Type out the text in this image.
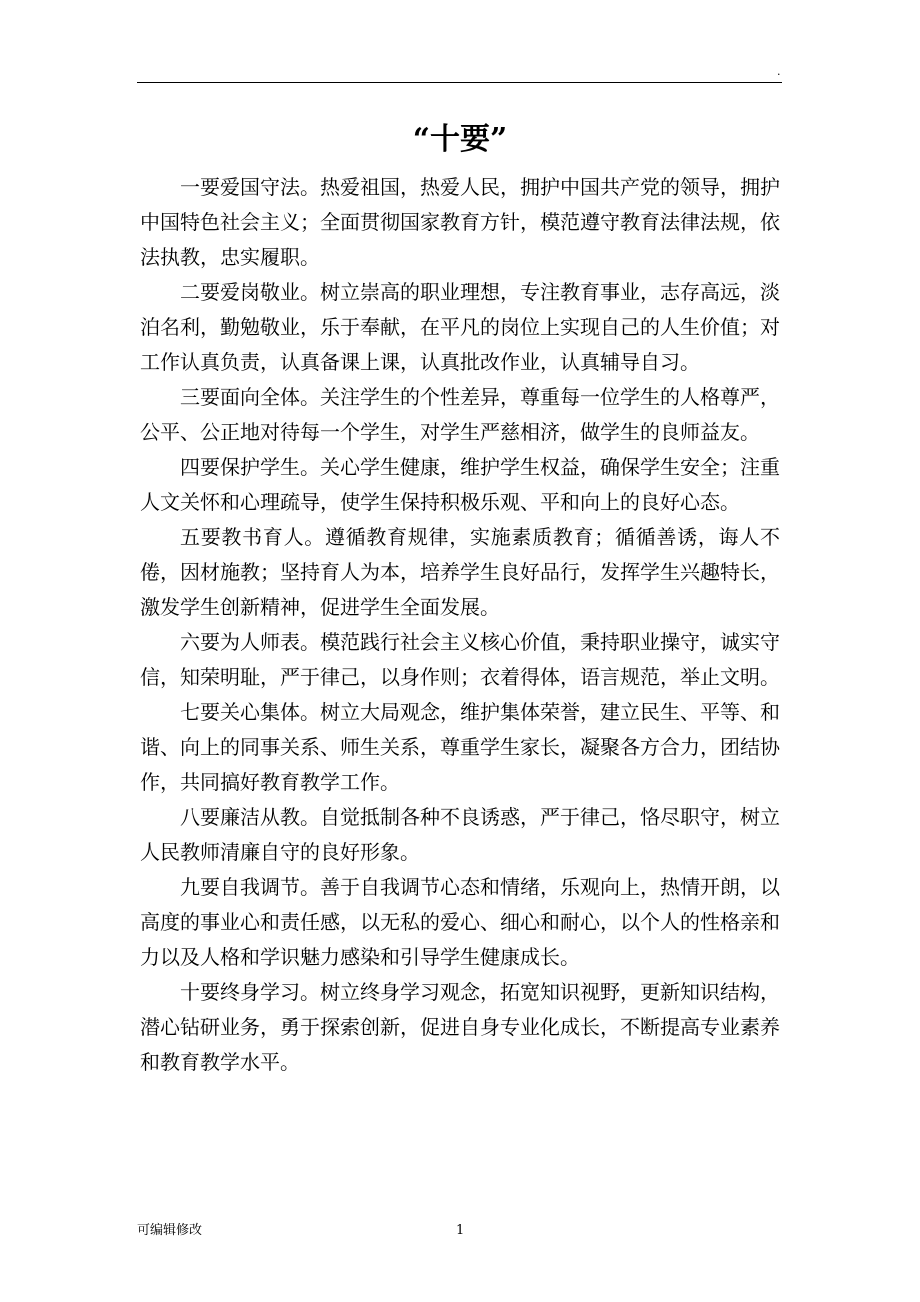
.
“十要”

一要爱国守法。热爱祖国，热爱人民，拥护中国共产党的领导，拥护中国特色社会主义；全面贯彻国家教育方针，模范遵守教育法律法规，依法执教，忠实履职。

二要爱岗敬业。树立崇高的职业理想，专注教育事业，志存高远，淡泊名利，勤勉敬业，乐于奉献，在平凡的岗位上实现自己的人生价值；对工作认真负责，认真备课上课，认真批改作业，认真辅导自习。

三要面向全体。关注学生的个性差异，尊重每一位学生的人格尊严，公平、公正地对待每一个学生，对学生严慈相济，做学生的良师益友。

四要保护学生。关心学生健康，维护学生权益，确保学生安全；注重人文关怀和心理疏导，使学生保持积极乐观、平和向上的良好心态。

五要教书育人。遵循教育规律，实施素质教育；循循善诱，诲人不倦，因材施教；坚持育人为本，培养学生良好品行，发挥学生兴趣特长，激发学生创新精神，促进学生全面发展。

六要为人师表。模范践行社会主义核心价值，秉持职业操守，诚实守信，知荣明耻，严于律己，以身作则；衣着得体，语言规范，举止文明。

七要关心集体。树立大局观念，维护集体荣誉，建立民生、平等、和谐、向上的同事关系、师生关系，尊重学生家长，凝聚各方合力，团结协作，共同搞好教育教学工作。

八要廉洁从教。自觉抵制各种不良诱惑，严于律己，恪尽职守，树立人民教师清廉自守的良好形象。

九要自我调节。善于自我调节心态和情绪，乐观向上，热情开朗，以高度的事业心和责任感，以无私的爱心、细心和耐心，以个人的性格亲和力以及人格和学识魅力感染和引导学生健康成长。

十要终身学习。树立终身学习观念，拓宽知识视野，更新知识结构，潜心钻研业务，勇于探索创新，促进自身专业化成长，不断提高专业素养和教育教学水平。

可编辑修改	1
